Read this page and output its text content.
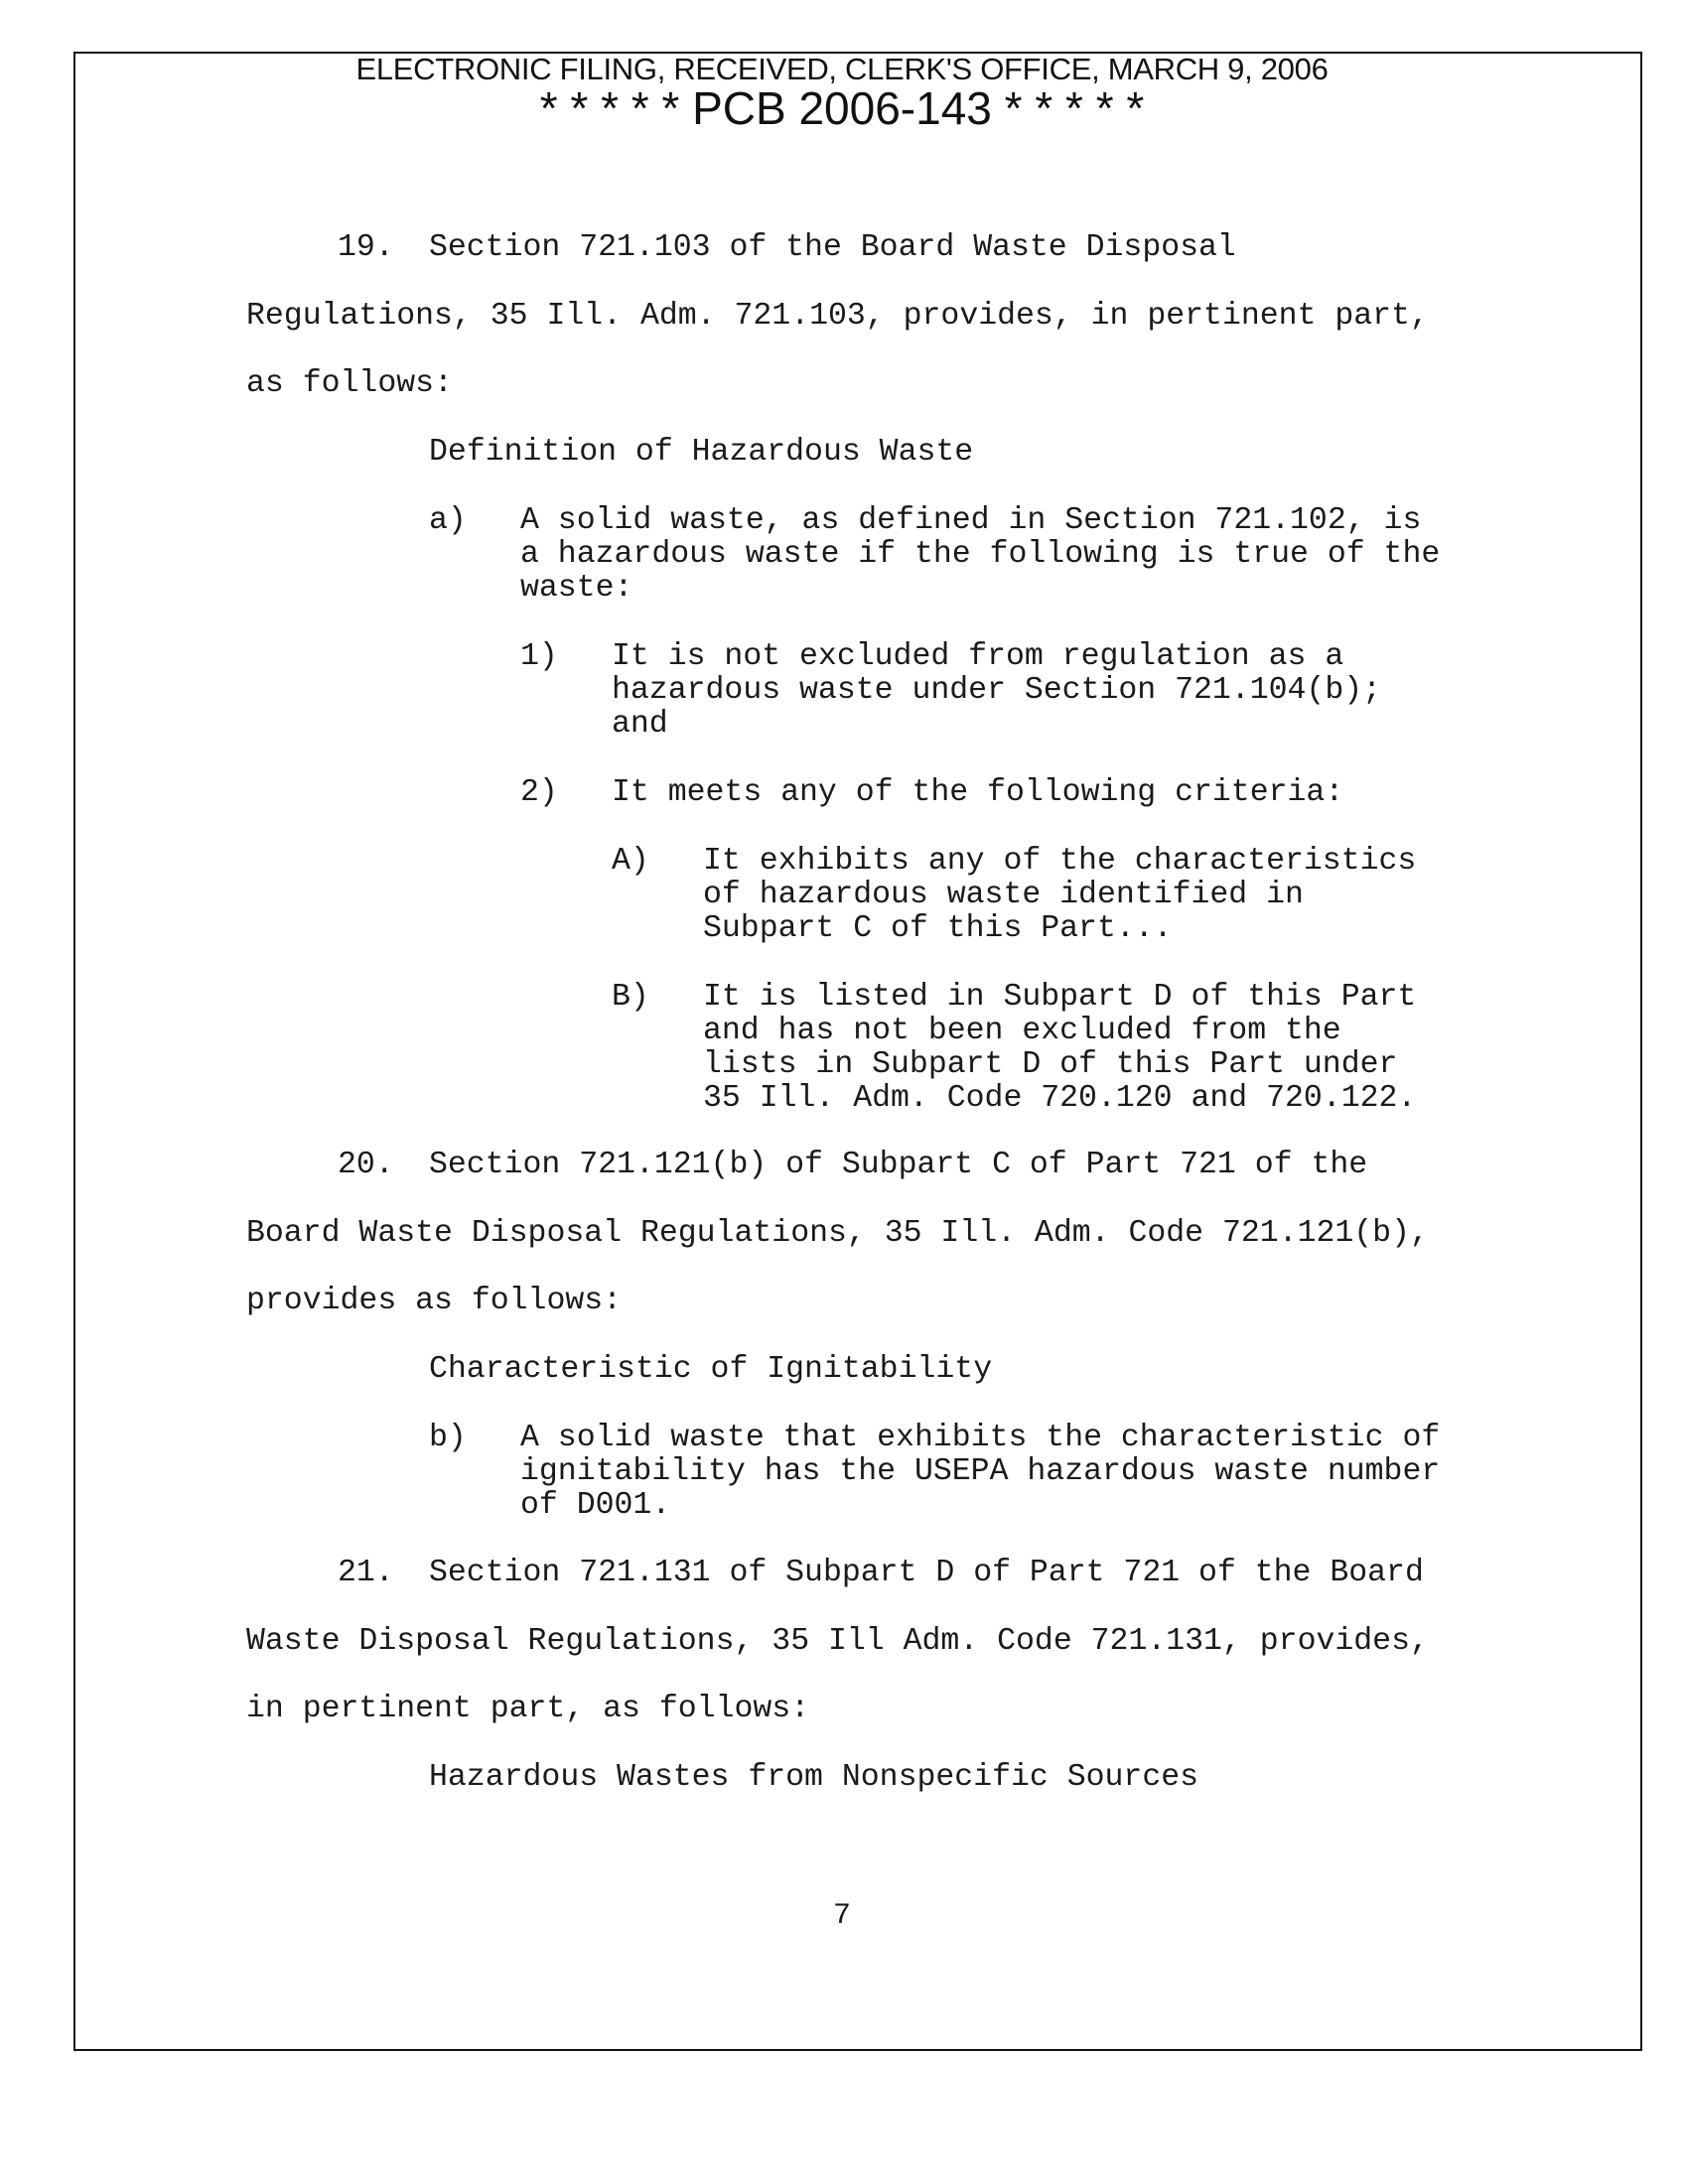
ELECTRONIC FILING, RECEIVED, CLERK'S OFFICE, MARCH 9, 2006
* * * * * PCB 2006-143 * * * * *

19. Section 721.103 of the Board Waste Disposal

Regulations, 35 Ill. Adm. 721.103, provides, in pertinent part,

as follows:

Definition of Hazardous Waste

a) A solid waste, as defined in Section 721.102, is

a hazardous waste if the following is true of the

waste:

1) It is not excluded from regulation as a

hazardous waste under Section 721.104(b);

and

2) It meets any of the following criteria:

A) It exhibits any of the characteristics

of hazardous waste identified in

Subpart C of this Part...

B) It is listed in Subpart D of this Part

and has not been excluded from the

lists in Subpart D of this Part under

35 Ill. Adm. Code 720.120 and 720.122.

20. Section 721.121(b) of Subpart C of Part 721 of the

Board Waste Disposal Regulations, 35 Ill. Adm. Code 721.121(b),

provides as follows:

Characteristic of Ignitability

b) A solid waste that exhibits the characteristic of

ignitability has the USEPA hazardous waste number

of D001.

21. Section 721.131 of Subpart D of Part 721 of the Board

Waste Disposal Regulations, 35 Ill Adm. Code 721.131, provides,

in pertinent part, as follows:

Hazardous Wastes from Nonspecific Sources

7
